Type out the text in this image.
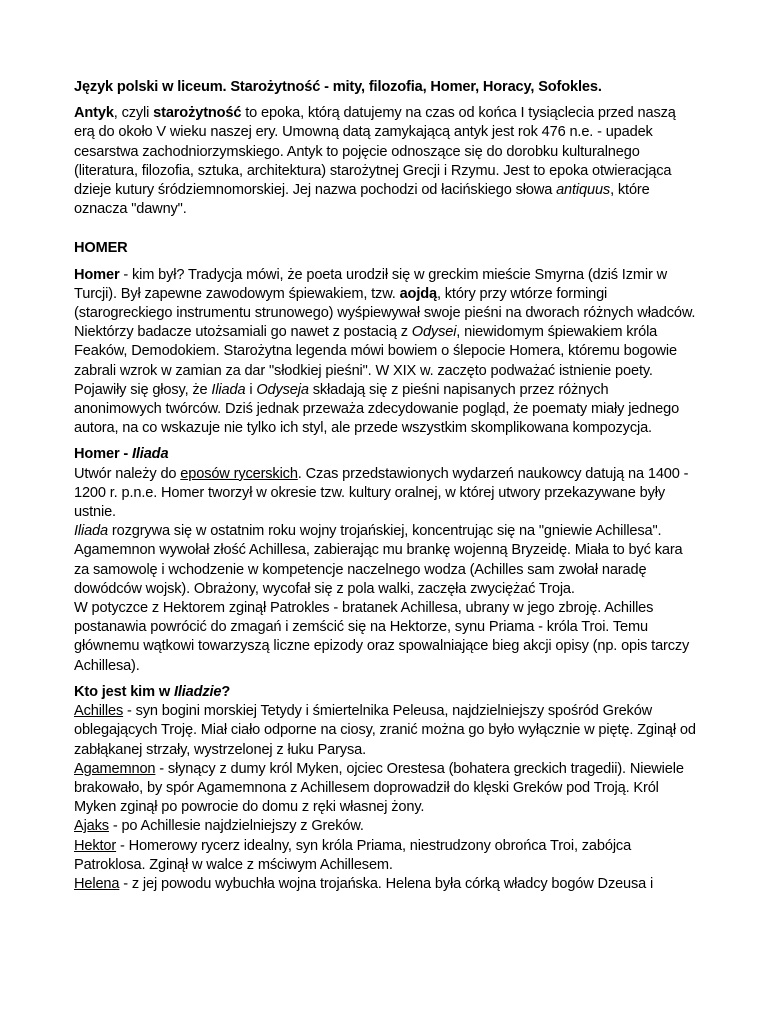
Język polski w liceum. Starożytność - mity, filozofia, Homer, Horacy, Sofokles.

Antyk, czyli starożytność to epoka, którą datujemy na czas od końca I tysiąclecia przed naszą erą do około V wieku naszej ery. Umowną datą zamykającą antyk jest rok 476 n.e. - upadek cesarstwa zachodniorzymskiego. Antyk to pojęcie odnoszące się do dorobku kulturalnego (literatura, filozofia, sztuka, architektura) starożytnej Grecji i Rzymu. Jest to epoka otwieracjąca dzieje kutury śródziemnomorskiej. Jej nazwa pochodzi od łacińskiego słowa antiquus, które oznacza "dawny".

HOMER

Homer - kim był? Tradycja mówi, że poeta urodził się w greckim mieście Smyrna (dziś Izmir w Turcji). Był zapewne zawodowym śpiewakiem, tzw. aojdą, który przy wtórze formingi (starogreckiego instrumentu strunowego) wyśpiewywał swoje pieśni na dworach różnych władców. Niektórzy badacze utożsamiali go nawet z postacią z Odysei, niewidomym śpiewakiem króla Feaków, Demodokiem. Starożytna legenda mówi bowiem o ślepocie Homera, któremu bogowie zabrali wzrok w zamian za dar "słodkiej pieśni". W XIX w. zaczęto podważać istnienie poety. Pojawiły się głosy, że Iliada i Odyseja składają się z pieśni napisanych przez różnych anonimowych twórców. Dziś jednak przeważa zdecydowanie pogląd, że poematy miały jednego autora, na co wskazuje nie tylko ich styl, ale przede wszystkim skomplikowana kompozycja.

Homer - Iliada

Utwór należy do eposów rycerskich. Czas przedstawionych wydarzeń naukowcy datują na 1400 - 1200 r. p.n.e. Homer tworzył w okresie tzw. kultury oralnej, w której utwory przekazywane były ustnie.

Iliada rozgrywa się w ostatnim roku wojny trojańskiej, koncentrując się na "gniewie Achillesa". Agamemnon wywołał złość Achillesa, zabierając mu brankę wojenną Bryzeidę. Miała to być kara za samowolę i wchodzenie w kompetencje naczelnego wodza (Achilles sam zwołał naradę dowódców wojsk). Obrażony, wycofał się z pola walki, zaczęła zwyciężać Troja.

W potyczce z Hektorem zginął Patrokles - bratanek Achillesa, ubrany w jego zbroję. Achilles postanawia powrócić do zmagań i zemścić się na Hektorze, synu Priama - króla Troi. Temu głównemu wątkowi towarzyszą liczne epizody oraz spowalniające bieg akcji opisy (np. opis tarczy Achillesa).

Kto jest kim w Iliadzie?

Achilles - syn bogini morskiej Tetydy i śmiertelnika Peleusa, najdzielniejszy spośród Greków oblegających Troję. Miał ciało odporne na ciosy, zranić można go było wyłącznie w piętę. Zginął od zabłąkanej strzały, wystrzelonej z łuku Parysa.

Agamemnon - słynący z dumy król Myken, ojciec Orestesa (bohatera greckich tragedii). Niewiele brakowało, by spór Agamemnona z Achillesem doprowadził do klęski Greków pod Troją. Król Myken zginął po powrocie do domu z ręki własnej żony.

Ajaks - po Achillesie najdzielniejszy z Greków.

Hektor - Homerowy rycerz idealny, syn króla Priama, niestrudzony obrońca Troi, zabójca Patroklosa. Zginął w walce z mściwym Achillesem.

Helena - z jej powodu wybuchła wojna trojańska. Helena była córką władcy bogów Dzeusa i
